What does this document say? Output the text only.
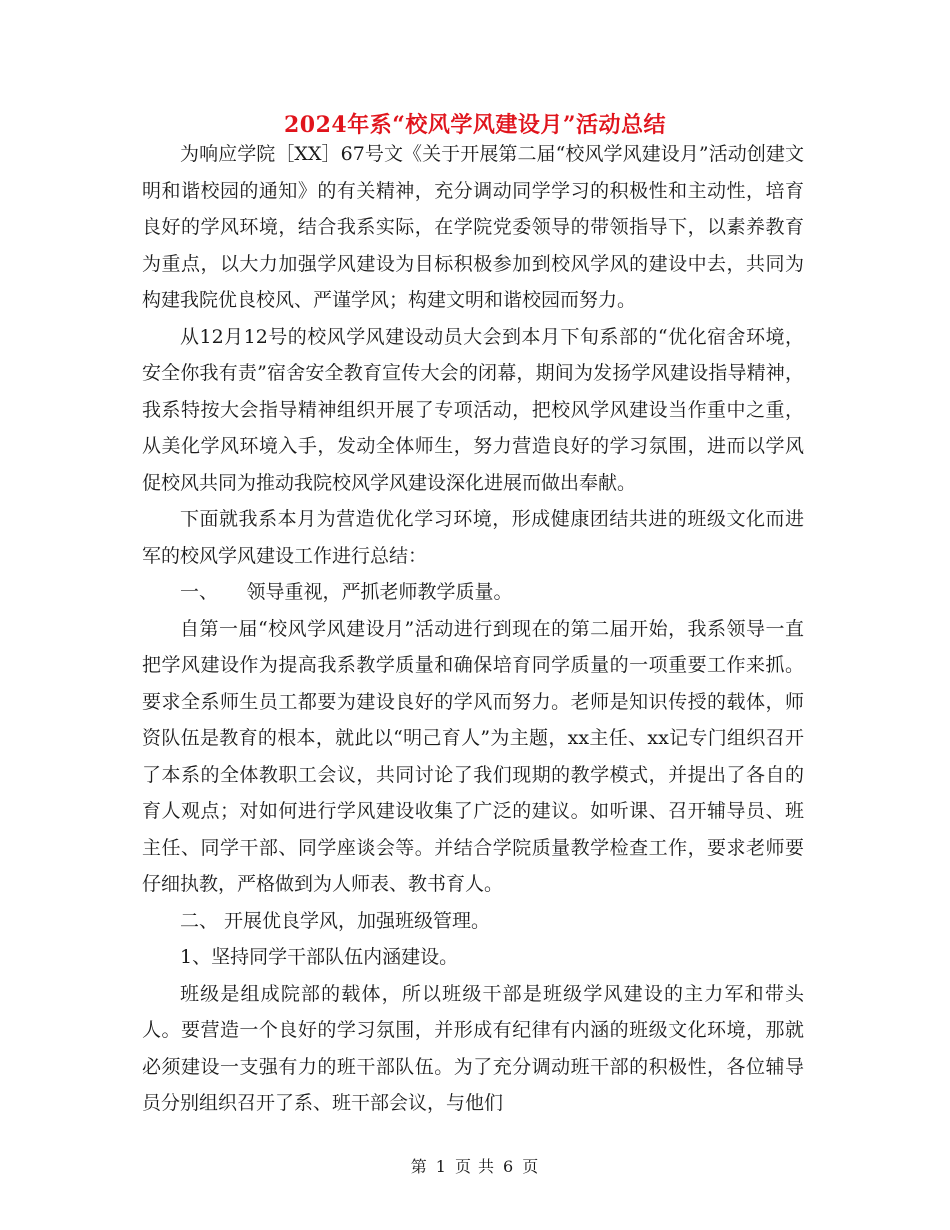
2024年系“校风学风建设月”活动总结

为响应学院［XX］67号文《关于开展第二届“校风学风建设月”活动创建文明和谐校园的通知》的有关精神，充分调动同学学习的积极性和主动性，培育良好的学风环境，结合我系实际，在学院党委领导的带领指导下，以素养教育为重点，以大力加强学风建设为目标积极参加到校风学风的建设中去，共同为构建我院优良校风、严谨学风；构建文明和谐校园而努力。

从12月12号的校风学风建设动员大会到本月下旬系部的“优化宿舍环境，安全你我有责”宿舍安全教育宣传大会的闭幕，期间为发扬学风建设指导精神，我系特按大会指导精神组织开展了专项活动，把校风学风建设当作重中之重，从美化学风环境入手，发动全体师生，努力营造良好的学习氛围，进而以学风促校风共同为推动我院校风学风建设深化进展而做出奉献。

下面就我系本月为营造优化学习环境，形成健康团结共进的班级文化而进军的校风学风建设工作进行总结：

一、　　领导重视，严抓老师教学质量。

自第一届“校风学风建设月”活动进行到现在的第二届开始，我系领导一直把学风建设作为提高我系教学质量和确保培育同学质量的一项重要工作来抓。要求全系师生员工都要为建设良好的学风而努力。老师是知识传授的载体，师资队伍是教育的根本，就此以“明己育人”为主题，xx主任、xx记专门组织召开了本系的全体教职工会议，共同讨论了我们现期的教学模式，并提出了各自的育人观点；对如何进行学风建设收集了广泛的建议。如听课、召开辅导员、班主任、同学干部、同学座谈会等。并结合学院质量教学检查工作，要求老师要仔细执教，严格做到为人师表、教书育人。

二、 开展优良学风，加强班级管理。

1、坚持同学干部队伍内涵建设。

班级是组成院部的载体，所以班级干部是班级学风建设的主力军和带头人。要营造一个良好的学习氛围，并形成有纪律有内涵的班级文化环境，那就必须建设一支强有力的班干部队伍。为了充分调动班干部的积极性，各位辅导员分别组织召开了系、班干部会议，与他们

第 1 页 共 6 页
